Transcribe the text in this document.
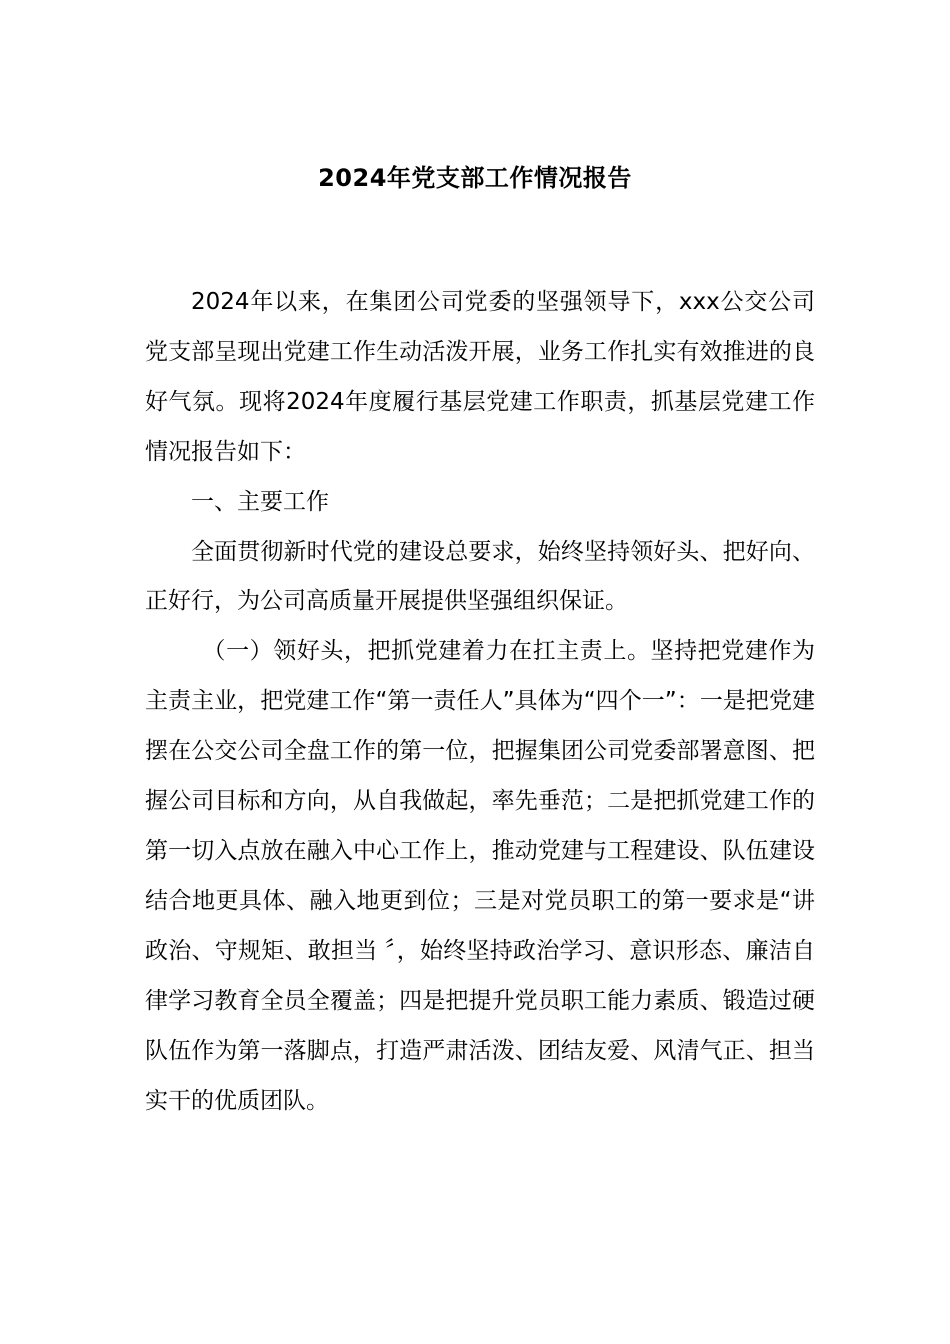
2024年党支部工作情况报告

2024年以来，在集团公司党委的坚强领导下，xxx公交公司党支部呈现出党建工作生动活泼开展，业务工作扎实有效推进的良好气氛。现将2024年度履行基层党建工作职责，抓基层党建工作情况报告如下：

一、主要工作

全面贯彻新时代党的建设总要求，始终坚持领好头、把好向、正好行，为公司高质量开展提供坚强组织保证。

（一）领好头，把抓党建着力在扛主责上。坚持把党建作为主责主业，把党建工作“第一责任人”具体为“四个一”：一是把党建摆在公交公司全盘工作的第一位，把握集团公司党委部署意图、把握公司目标和方向，从自我做起，率先垂范；二是把抓党建工作的第一切入点放在融入中心工作上，推动党建与工程建设、队伍建设结合地更具体、融入地更到位；三是对党员职工的第一要求是“讲政治、守规矩、敢担当 〞，始终坚持政治学习、意识形态、廉洁自律学习教育全员全覆盖；四是把提升党员职工能力素质、锻造过硬队伍作为第一落脚点，打造严肃活泼、团结友爱、风清气正、担当实干的优质团队。
